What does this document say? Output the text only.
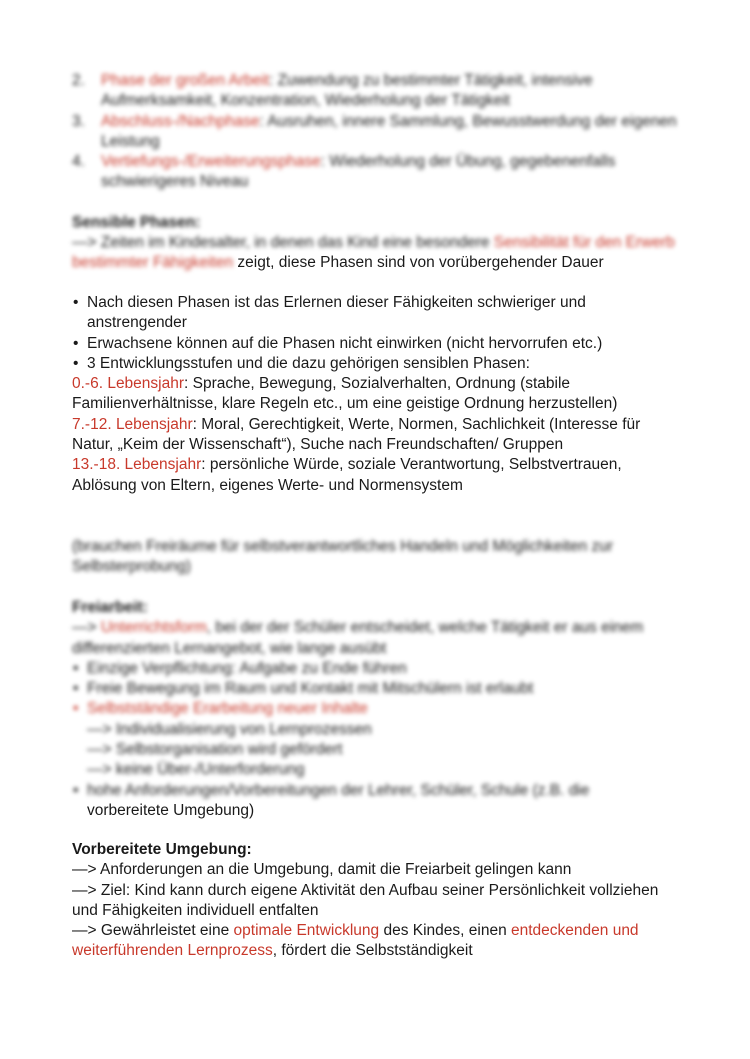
2. Phase der großen Arbeit: Zuwendung zu bestimmter Tätigkeit, intensive Aufmerksamkeit, Konzentration, Wiederholung der Tätigkeit
3. Abschluss-/Nachphase: Ausruhen, innere Sammlung, Bewusstwerdung der eigenen Leistung
4. Vertiefungs-/Erweiterungsphase: Wiederholung der Übung, gegebenenfalls schwierigeres Niveau
Sensible Phasen:
—> Zeiten im Kindesalter, in denen das Kind eine besondere Sensibilität für den Erwerb bestimmter Fähigkeiten zeigt, diese Phasen sind von vorübergehender Dauer
• Nach diesen Phasen ist das Erlernen dieser Fähigkeiten schwieriger und anstrengender
• Erwachsene können auf die Phasen nicht einwirken (nicht hervorrufen etc.)
• 3 Entwicklungsstufen und die dazu gehörigen sensiblen Phasen:
0.-6. Lebensjahr: Sprache, Bewegung, Sozialverhalten, Ordnung (stabile Familienverhältnisse, klare Regeln etc., um eine geistige Ordnung herzustellen)
7.-12. Lebensjahr: Moral, Gerechtigkeit, Werte, Normen, Sachlichkeit (Interesse für Natur, „Keim der Wissenschaft“), Suche nach Freundschaften/ Gruppen
13.-18. Lebensjahr: persönliche Würde, soziale Verantwortung, Selbstvertrauen, Ablösung von Eltern, eigenes Werte- und Normensystem
(brauchen Freiräume für selbstverantwortliches Handeln und Möglichkeiten zur Selbsterprobung)
Freiarbeit:
—> Unterrichtsform, bei der der Schüler entscheidet, welche Tätigkeit er aus einem differenzierten Lernangebot, wie lange ausübt
• Einzige Verpflichtung: Aufgabe zu Ende führen
• Freie Bewegung im Raum und Kontakt mit Mitschülern ist erlaubt
• Selbstständige Erarbeitung neuer Inhalte
—> Individualisierung von Lernprozessen
—> Selbstorganisation wird gefördert
—> keine Über-/Unterforderung
• hohe Anforderungen/Vorbereitungen der Lehrer, Schüler, Schule (z.B. die
vorbereitete Umgebung)
Vorbereitete Umgebung:
—> Anforderungen an die Umgebung, damit die Freiarbeit gelingen kann
—> Ziel: Kind kann durch eigene Aktivität den Aufbau seiner Persönlichkeit vollziehen und Fähigkeiten individuell entfalten
—> Gewährleistet eine optimale Entwicklung des Kindes, einen entdeckenden und weiterführenden Lernprozess, fördert die Selbstständigkeit
